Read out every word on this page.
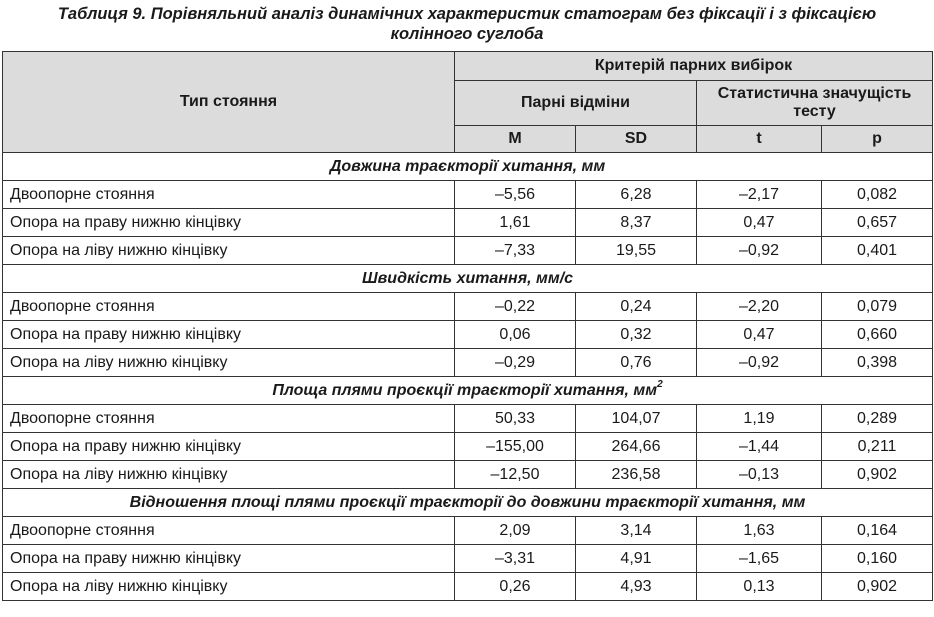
Таблиця 9. Порівняльний аналіз динамічних характеристик статограм без фіксації і з фіксацією
колінного суглоба
Тип стояння	Критерій парних вибірок			
	Парні відміни		Статистична значущість тесту	
	M	SD	t	p
Довжина траєкторії хитання, мм				
Двоопорне стояння	–5,56	6,28	–2,17	0,082
Опора на праву нижню кінцівку	1,61	8,37	0,47	0,657
Опора на ліву нижню кінцівку	–7,33	19,55	–0,92	0,401
Швидкість хитання, мм/с				
Двоопорне стояння	–0,22	0,24	–2,20	0,079
Опора на праву нижню кінцівку	0,06	0,32	0,47	0,660
Опора на ліву нижню кінцівку	–0,29	0,76	–0,92	0,398
Площа плями проєкції траєкторії хитання, $мм^2$
Двоопорне стояння	50,33	104,07	1,19	0,289
Опора на праву нижню кінцівку	–155,00	264,66	–1,44	0,211
Опора на ліву нижню кінцівку	–12,50	236,58	–0,13	0,902
Відношення площі плями проєкції траєкторії до довжини траєкторії хитання, мм				
Двоопорне стояння	2,09	3,14	1,63	0,164
Опора на праву нижню кінцівку	–3,31	4,91	–1,65	0,160
Опора на ліву нижню кінцівку	0,26	4,93	0,13	0,902
